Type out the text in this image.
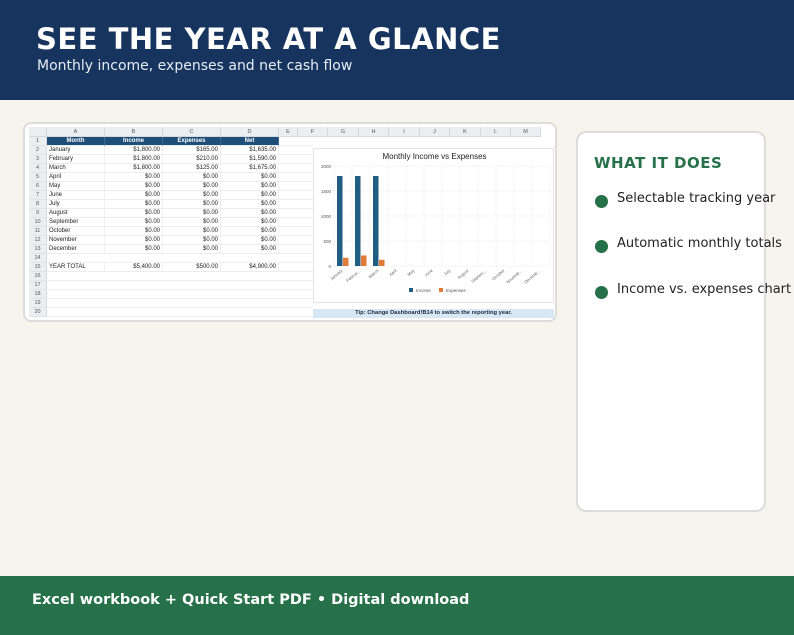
SEE THE YEAR AT A GLANCE
Monthly income, expenses and net cash flow
Monthly Income vs Expenses
0
500
1000
1500
2000
January Februa… March April May June July August Septem… October Novemb… Decemb…
Income	Expenses
Tip: Change Dashboard!B14 to switch the reporting year.
A	B	C	D	E	F	G	H	I	J	K	L	M
1
2
3
4
5
6
7
8
9
10
11
12
13
14
15
16
17
18
19
20
Month	Income	Expenses	Net
January	$1,800.00	$165.00	$1,635.00
February	$1,800.00	$210.00	$1,590.00
March	$1,800.00	$125.00	$1,675.00
April	$0.00	$0.00	$0.00
May	$0.00	$0.00	$0.00
June	$0.00	$0.00	$0.00
July	$0.00	$0.00	$0.00
August	$0.00	$0.00	$0.00
September	$0.00	$0.00	$0.00
October	$0.00	$0.00	$0.00
November	$0.00	$0.00	$0.00
December	$0.00	$0.00	$0.00
YEAR TOTAL	$5,400.00	$500.00	$4,900.00
WHAT IT DOES
Selectable tracking year
Automatic monthly totals
Income vs. expenses chart
Excel workbook + Quick Start PDF • Digital download
